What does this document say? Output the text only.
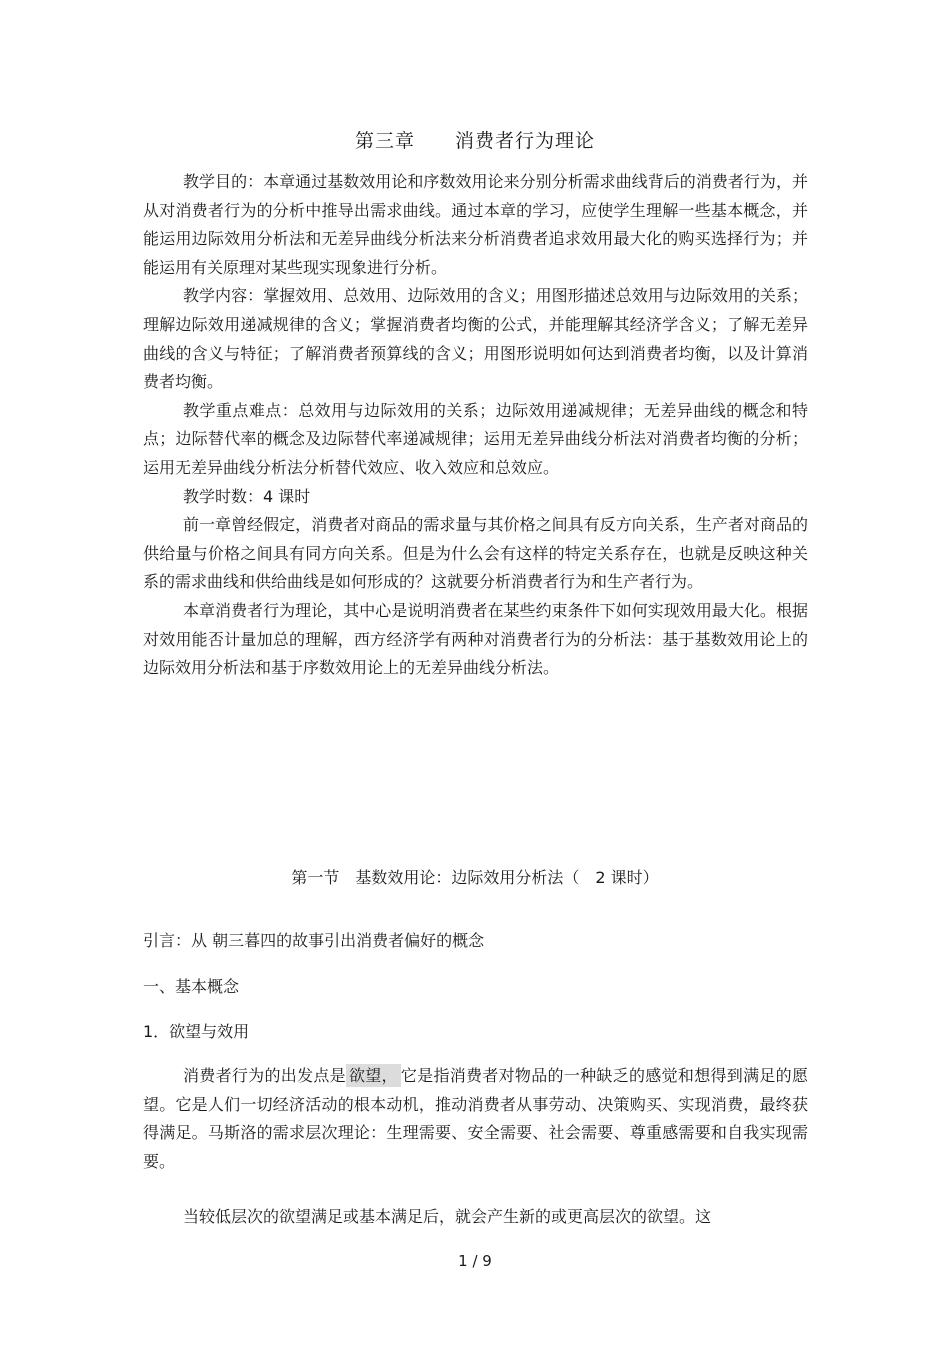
第三章　　消费者行为理论

教学目的：本章通过基数效用论和序数效用论来分别分析需求曲线背后的消费者行为，并从对消费者行为的分析中推导出需求曲线。通过本章的学习，应使学生理解一些基本概念，并能运用边际效用分析法和无差异曲线分析法来分析消费者追求效用最大化的购买选择行为；并能运用有关原理对某些现实现象进行分析。

教学内容：掌握效用、总效用、边际效用的含义；用图形描述总效用与边际效用的关系；理解边际效用递减规律的含义；掌握消费者均衡的公式，并能理解其经济学含义；了解无差异曲线的含义与特征；了解消费者预算线的含义；用图形说明如何达到消费者均衡，以及计算消费者均衡。

教学重点难点：总效用与边际效用的关系；边际效用递减规律；无差异曲线的概念和特点；边际替代率的概念及边际替代率递减规律；运用无差异曲线分析法对消费者均衡的分析；运用无差异曲线分析法分析替代效应、收入效应和总效应。

教学时数：4 课时

前一章曾经假定，消费者对商品的需求量与其价格之间具有反方向关系，生产者对商品的供给量与价格之间具有同方向关系。但是为什么会有这样的特定关系存在，也就是反映这种关系的需求曲线和供给曲线是如何形成的？这就要分析消费者行为和生产者行为。

本章消费者行为理论，其中心是说明消费者在某些约束条件下如何实现效用最大化。根据对效用能否计量加总的理解，西方经济学有两种对消费者行为的分析法：基于基数效用论上的边际效用分析法和基于序数效用论上的无差异曲线分析法。

第一节　基数效用论：边际效用分析法（　2 课时）
引言：从 朝三暮四的故事引出消费者偏好的概念
一、基本概念
1．欲望与效用

消费者行为的出发点是 欲望， 它是指消费者对物品的一种缺乏的感觉和想得到满足的愿望。它是人们一切经济活动的根本动机，推动消费者从事劳动、决策购买、实现消费，最终获得满足。马斯洛的需求层次理论：生理需要、安全需要、社会需要、尊重感需要和自我实现需要。

当较低层次的欲望满足或基本满足后，就会产生新的或更高层次的欲望。这

1 / 9
